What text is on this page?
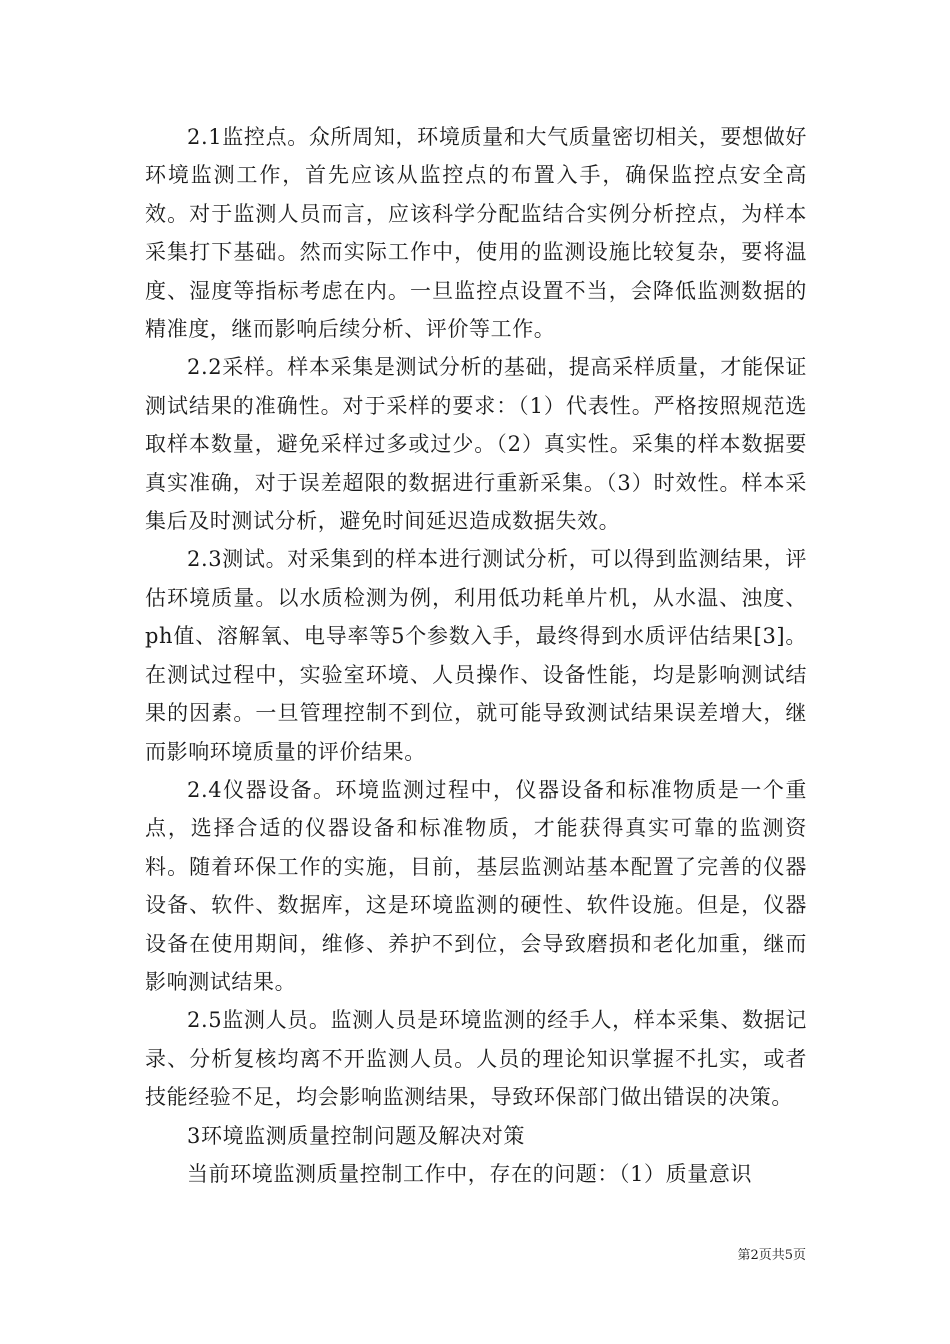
2.1监控点。众所周知，环境质量和大气质量密切相关，要想做好环境监测工作，首先应该从监控点的布置入手，确保监控点安全高效。对于监测人员而言，应该科学分配监结合实例分析控点，为样本采集打下基础。然而实际工作中，使用的监测设施比较复杂，要将温度、湿度等指标考虑在内。一旦监控点设置不当，会降低监测数据的精准度，继而影响后续分析、评价等工作。

2.2采样。样本采集是测试分析的基础，提高采样质量，才能保证测试结果的准确性。对于采样的要求：（1）代表性。严格按照规范选取样本数量，避免采样过多或过少。（2）真实性。采集的样本数据要真实准确，对于误差超限的数据进行重新采集。（3）时效性。样本采集后及时测试分析，避免时间延迟造成数据失效。

2.3测试。对采集到的样本进行测试分析，可以得到监测结果，评估环境质量。以水质检测为例，利用低功耗单片机，从水温、浊度、ph值、溶解氧、电导率等5个参数入手，最终得到水质评估结果[3]。在测试过程中，实验室环境、人员操作、设备性能，均是影响测试结果的因素。一旦管理控制不到位，就可能导致测试结果误差增大，继而影响环境质量的评价结果。

2.4仪器设备。环境监测过程中，仪器设备和标准物质是一个重点，选择合适的仪器设备和标准物质，才能获得真实可靠的监测资料。随着环保工作的实施，目前，基层监测站基本配置了完善的仪器设备、软件、数据库，这是环境监测的硬性、软件设施。但是，仪器设备在使用期间，维修、养护不到位，会导致磨损和老化加重，继而影响测试结果。

2.5监测人员。监测人员是环境监测的经手人，样本采集、数据记录、分析复核均离不开监测人员。人员的理论知识掌握不扎实，或者技能经验不足，均会影响监测结果，导致环保部门做出错误的决策。

3环境监测质量控制问题及解决对策

当前环境监测质量控制工作中，存在的问题：（1）质量意识

第2页共5页
